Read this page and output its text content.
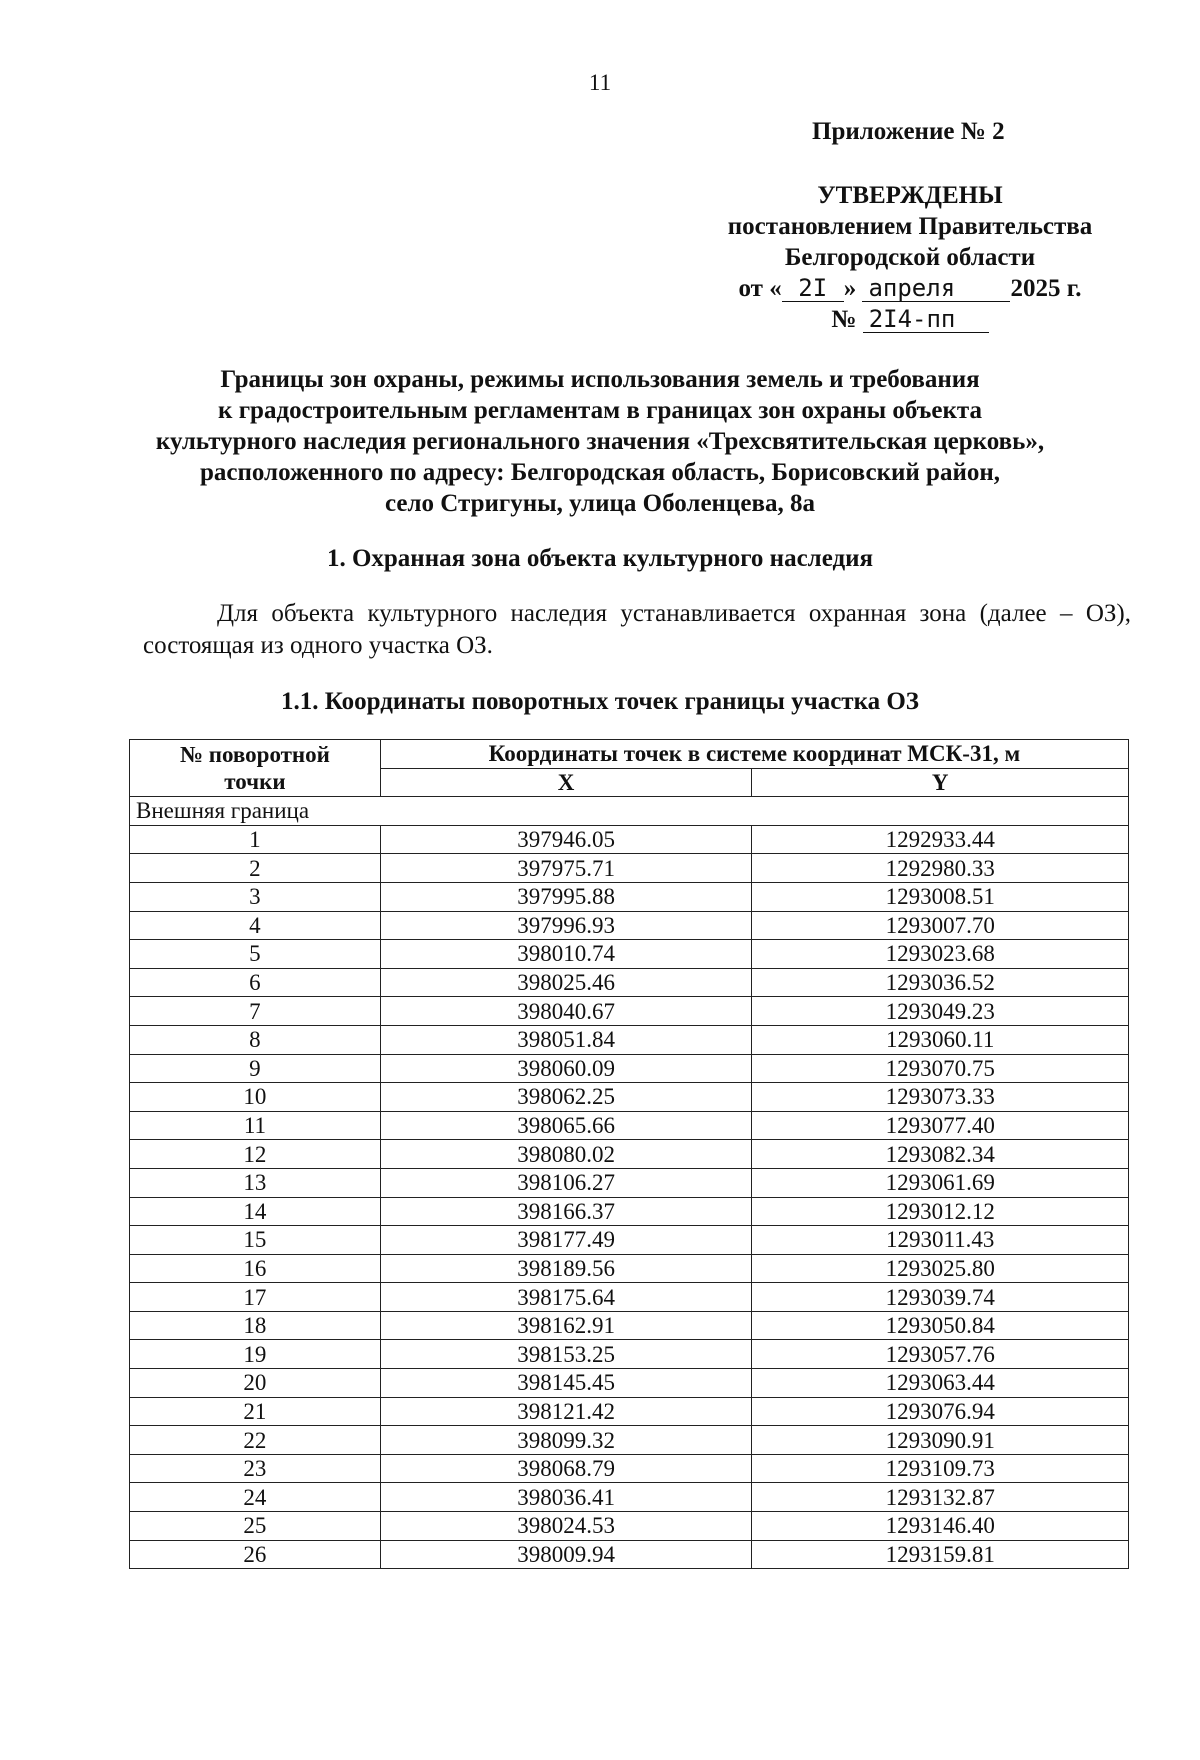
11
Приложение № 2
УТВЕРЖДЕНЫ
постановлением Правительства
Белгородской области
от « 2I » апреля 2025 г.
№ 2I4-пп
Границы зон охраны, режимы использования земель и требования
к градостроительным регламентам в границах зон охраны объекта
культурного наследия регионального значения «Трехсвятительская церковь»,
расположенного по адресу: Белгородская область, Борисовский район,
село Стригуны, улица Оболенцева, 8а
1. Охранная зона объекта культурного наследия
Для объекта культурного наследия устанавливается охранная зона (далее – ОЗ), состоящая из одного участка ОЗ.
1.1. Координаты поворотных точек границы участка ОЗ
№ поворотной
точки	Координаты точек в системе координат МСК-31, м	
	X	Y
Внешняя граница		
1	397946.05	1292933.44
2	397975.71	1292980.33
3	397995.88	1293008.51
4	397996.93	1293007.70
5	398010.74	1293023.68
6	398025.46	1293036.52
7	398040.67	1293049.23
8	398051.84	1293060.11
9	398060.09	1293070.75
10	398062.25	1293073.33
11	398065.66	1293077.40
12	398080.02	1293082.34
13	398106.27	1293061.69
14	398166.37	1293012.12
15	398177.49	1293011.43
16	398189.56	1293025.80
17	398175.64	1293039.74
18	398162.91	1293050.84
19	398153.25	1293057.76
20	398145.45	1293063.44
21	398121.42	1293076.94
22	398099.32	1293090.91
23	398068.79	1293109.73
24	398036.41	1293132.87
25	398024.53	1293146.40
26	398009.94	1293159.81
